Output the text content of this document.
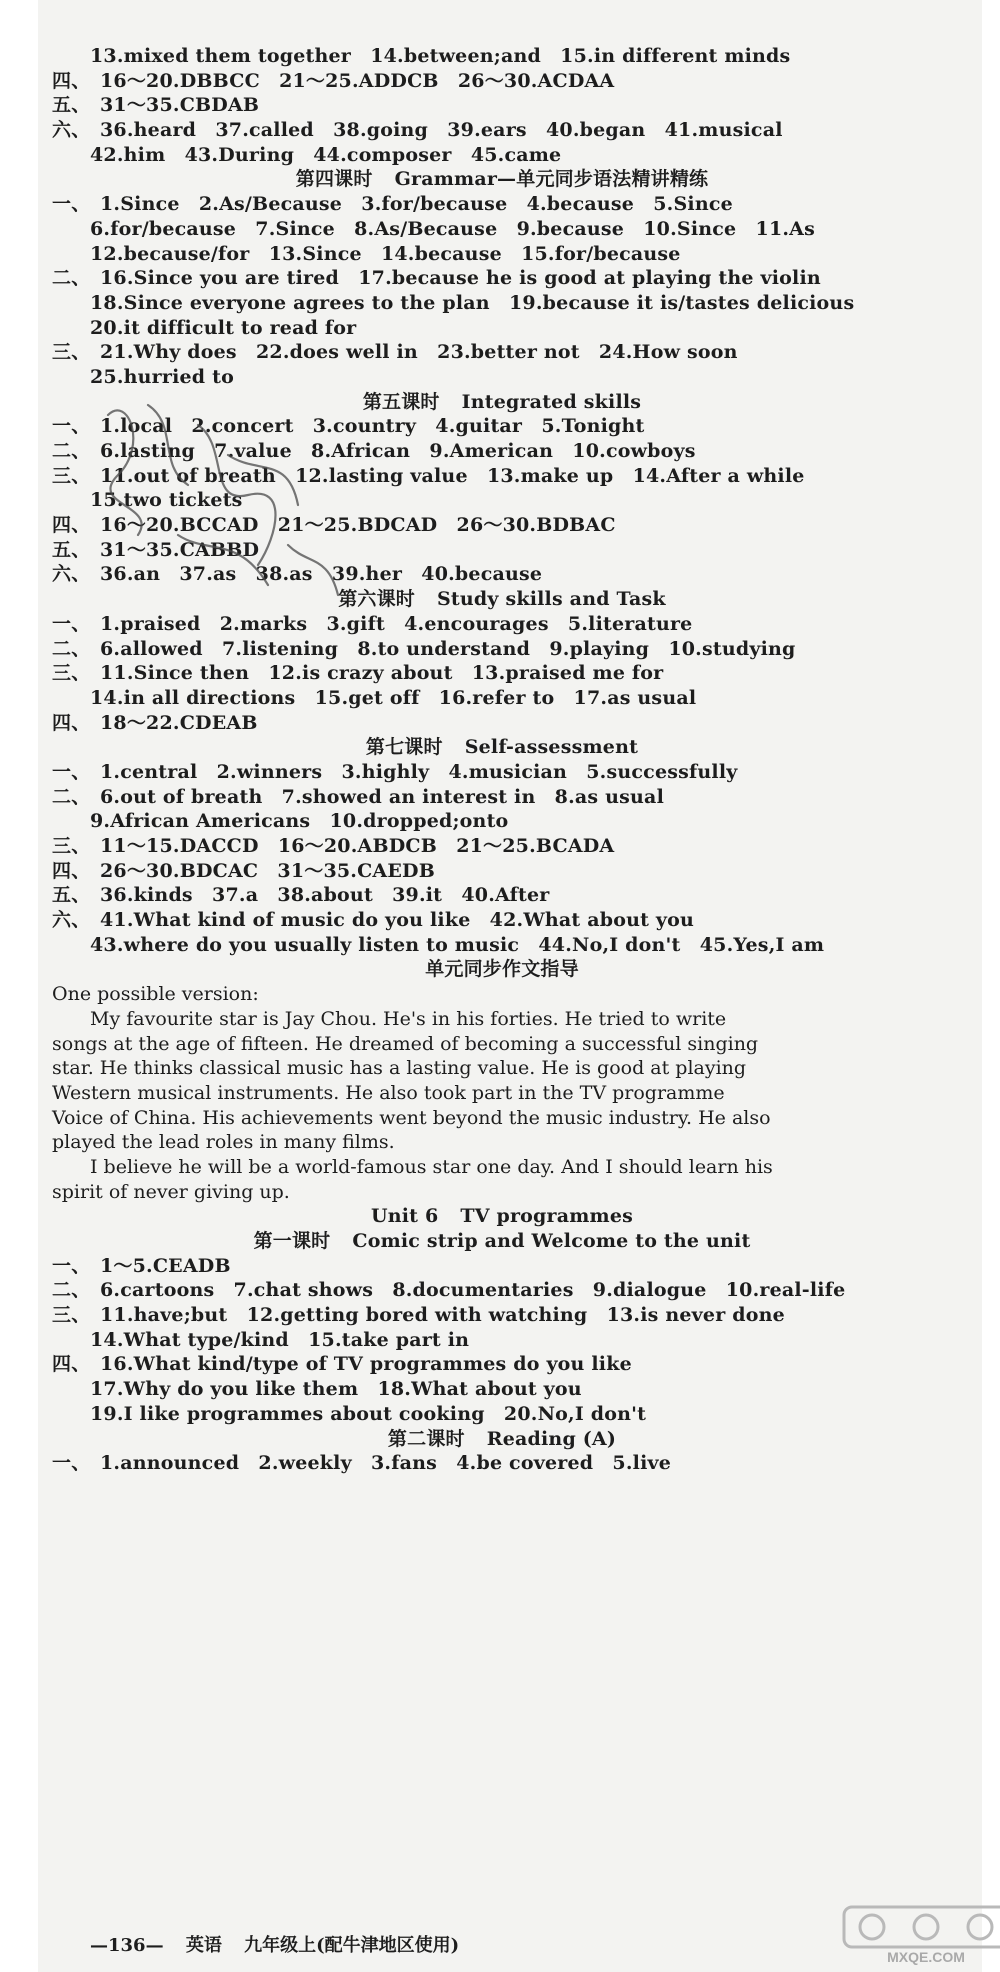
13.mixed them together　14.between;and　15.in different minds
四、 16～20.DBBCC　21～25.ADDCB　26～30.ACDAA
五、 31～35.CBDAB
六、 36.heard　37.called　38.going　39.ears　40.began　41.musical
42.him　43.During　44.composer　45.came
第四课时 Grammar—单元同步语法精讲精练
一、 1.Since　2.As/Because　3.for/because　4.because　5.Since
6.for/because　7.Since　8.As/Because　9.because　10.Since　11.As
12.because/for　13.Since　14.because　15.for/because
二、 16.Since you are tired　17.because he is good at playing the violin
18.Since everyone agrees to the plan　19.because it is/tastes delicious
20.it difficult to read for
三、 21.Why does　22.does well in　23.better not　24.How soon
25.hurried to
第五课时 Integrated skills
一、 1.local　2.concert　3.country　4.guitar　5.Tonight
二、 6.lasting　7.value　8.African　9.American　10.cowboys
三、 11.out of breath　12.lasting value　13.make up　14.After a while
15.two tickets
四、 16～20.BCCAD　21～25.BDCAD　26～30.BDBAC
五、 31～35.CABBD
六、 36.an　37.as　38.as　39.her　40.because
第六课时 Study skills and Task
一、 1.praised　2.marks　3.gift　4.encourages　5.literature
二、 6.allowed　7.listening　8.to understand　9.playing　10.studying
三、 11.Since then　12.is crazy about　13.praised me for
14.in all directions　15.get off　16.refer to　17.as usual
四、 18～22.CDEAB
第七课时 Self-assessment
一、 1.central　2.winners　3.highly　4.musician　5.successfully
二、 6.out of breath　7.showed an interest in　8.as usual
9.African Americans　10.dropped;onto
三、 11～15.DACCD　16～20.ABDCB　21～25.BCADA
四、 26～30.BDCAC　31～35.CAEDB
五、 36.kinds　37.a　38.about　39.it　40.After
六、 41.What kind of music do you like　42.What about you
43.where do you usually listen to music　44.No,I don't　45.Yes,I am
单元同步作文指导
One possible version:
My favourite star is Jay Chou. He's in his forties. He tried to write
songs at the age of fifteen. He dreamed of becoming a successful singing
star. He thinks classical music has a lasting value. He is good at playing
Western musical instruments. He also took part in the TV programme
Voice of China. His achievements went beyond the music industry. He also
played the lead roles in many films.
I believe he will be a world-famous star one day. And I should learn his
spirit of never giving up.
Unit 6 TV programmes
第一课时 Comic strip and Welcome to the unit
一、 1～5.CEADB
二、 6.cartoons　7.chat shows　8.documentaries　9.dialogue　10.real-life
三、 11.have;but　12.getting bored with watching　13.is never done
14.What type/kind　15.take part in
四、 16.What kind/type of TV programmes do you like
17.Why do you like them　18.What about you
19.I like programmes about cooking　20.No,I don't
第二课时 Reading (A)
一、 1.announced　2.weekly　3.fans　4.be covered　5.live
—136— 英语 九年级上(配牛津地区使用)
MXQE.COM
